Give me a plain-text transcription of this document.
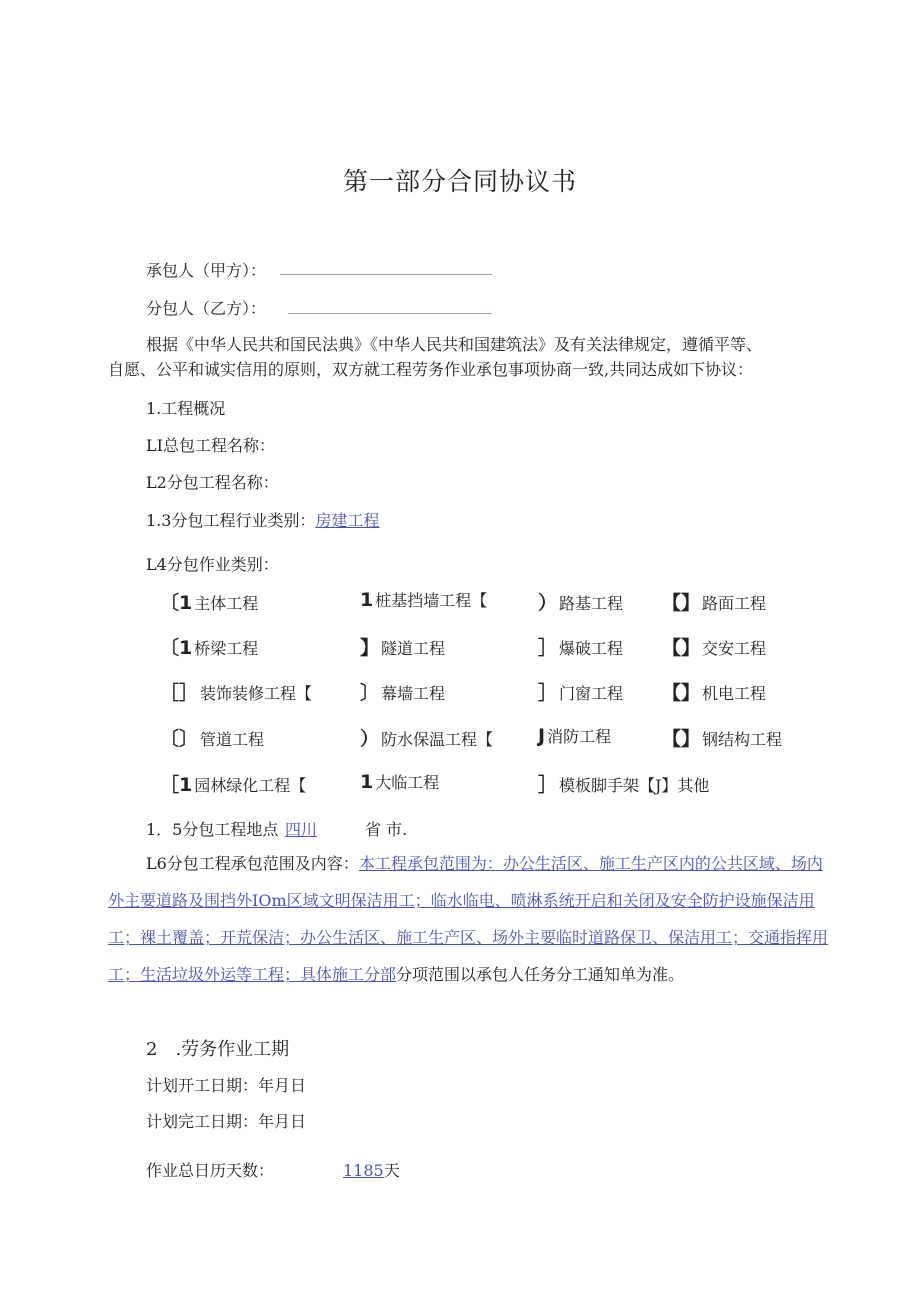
第一部分合同协议书
承包人（甲方）：
分包人（乙方）：
根据《中华人民共和国民法典》《中华人民共和国建筑法》及有关法律规定，遵循平等、
自愿、公平和诚实信用的原则，双方就工程劳务作业承包事项协商一致,共同达成如下协议：
1.工程概况
LI总包工程名称：
L2分包工程名称：
1.3分包工程行业类别：房建工程
L4分包作业类别：
〔1 主体工程	1 桩基挡墙工程【	） 路基工程 【】 路面工程
〔1 桥梁工程	】 隧道工程	］ 爆破工程 【】 交安工程
［］ 装饰装修工程【	〕 幕墙工程	］ 门窗工程 【】 机电工程
〔〕 管道工程	） 防水保温工程【 J 消防工程	【】 钢结构工程
［1 园林绿化工程【	1 大临工程	］ 模板脚手架【J】其他
1．5分包工程地点 四川	省 市.
L6分包工程承包范围及内容：本工程承包范围为：办公生活区、施工生产区内的公共区域、场内外主要道路及围挡外IOm区域文明保洁用工；临水临电、喷淋系统开启和关闭及安全防护设施保洁用工；裸土覆盖；开荒保洁；办公生活区、施工生产区、场外主要临时道路保卫、保洁用工；交通指挥用工；生活垃圾外运等工程；具体施工分部分项范围以承包人任务分工通知单为准。
2　.劳务作业工期
计划开工日期：年月日
计划完工日期：年月日
作业总日历天数：	1185天
